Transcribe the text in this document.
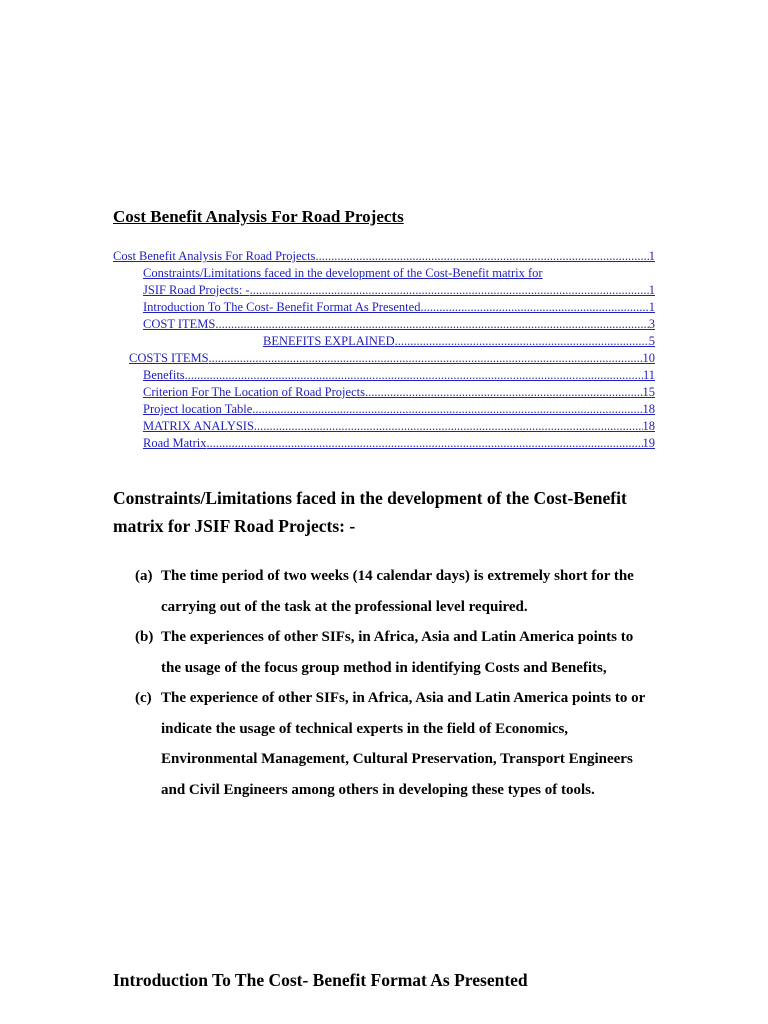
Cost Benefit Analysis For Road Projects
Cost Benefit Analysis For Road Projects .....	1
Constraints/Limitations faced in the development of the Cost-Benefit matrix for
JSIF Road Projects: - .....	1
Introduction To The Cost- Benefit Format As Presented .....	1
COST ITEMS .....	3
BENEFITS EXPLAINED .....	5
COSTS ITEMS .....	10
Benefits .....	11
Criterion For The Location of Road Projects .....	15
Project location Table .....	18
MATRIX ANALYSIS .....	18
Road Matrix .....	19
Constraints/Limitations faced in the development of the Cost-Benefit matrix for JSIF Road Projects: -
(a) The time period of two weeks (14 calendar days) is extremely short for the carrying out of the task at the professional level required.
(b) The experiences of other SIFs, in Africa, Asia and Latin America points to the usage of the focus group method in identifying Costs and Benefits,
(c) The experience of other SIFs, in Africa, Asia and Latin America points to or indicate the usage of technical experts in the field of Economics, Environmental Management, Cultural Preservation, Transport Engineers and Civil Engineers among others in developing these types of tools.
Introduction To The Cost- Benefit Format As Presented
